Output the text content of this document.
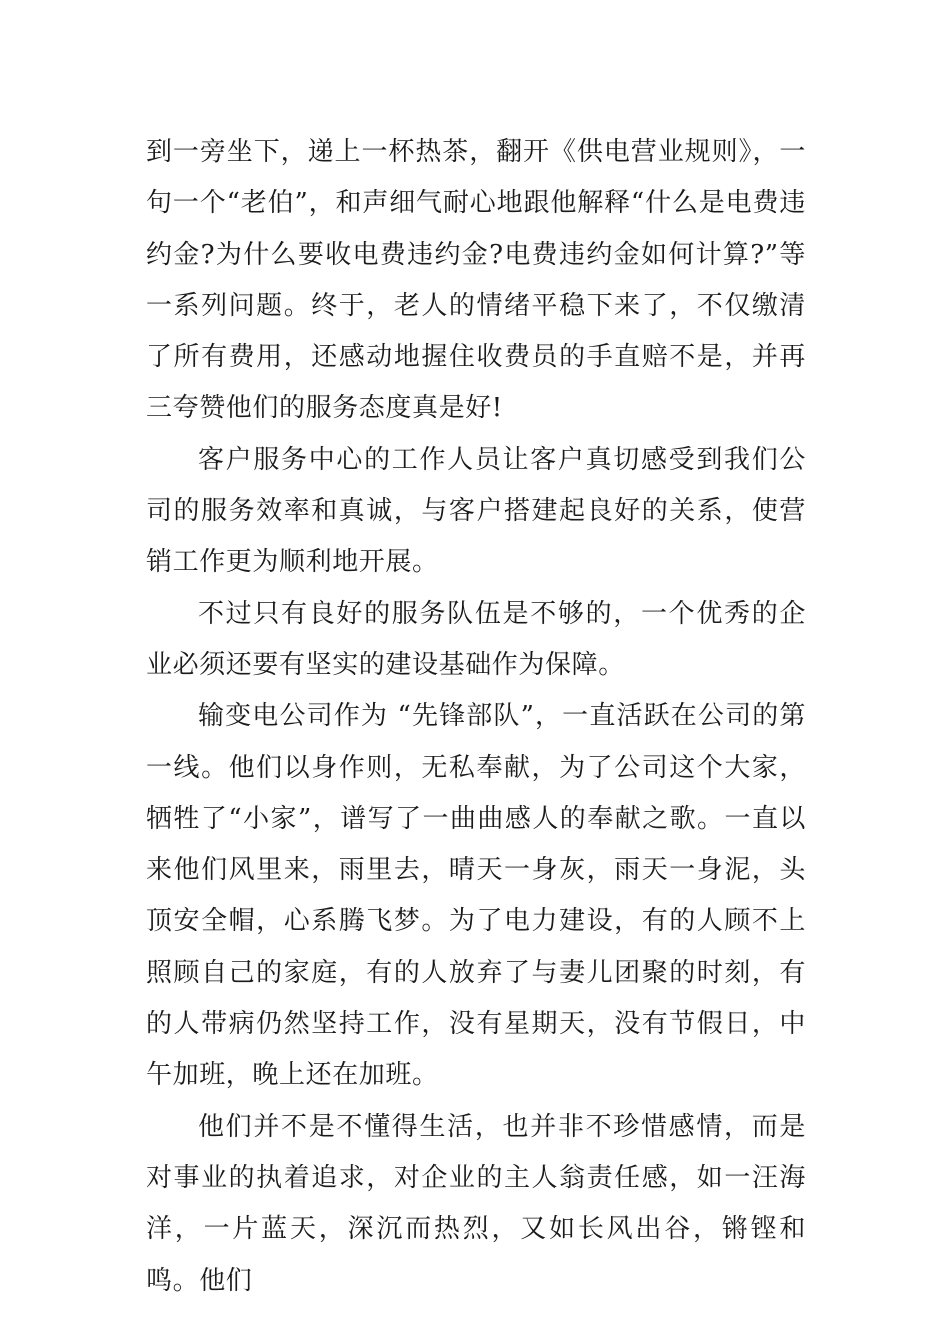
到一旁坐下，递上一杯热茶，翻开《供电营业规则》，一句一个“老伯”，和声细气耐心地跟他解释“什么是电费违约金?为什么要收电费违约金?电费违约金如何计算?”等一系列问题。终于，老人的情绪平稳下来了，不仅缴清了所有费用，还感动地握住收费员的手直赔不是，并再三夸赞他们的服务态度真是好!

客户服务中心的工作人员让客户真切感受到我们公司的服务效率和真诚，与客户搭建起良好的关系，使营销工作更为顺利地开展。

不过只有良好的服务队伍是不够的，一个优秀的企业必须还要有坚实的建设基础作为保障。

输变电公司作为 “先锋部队”，一直活跃在公司的第一线。他们以身作则，无私奉献，为了公司这个大家，牺牲了“小家”，谱写了一曲曲感人的奉献之歌。一直以来他们风里来，雨里去，晴天一身灰，雨天一身泥，头顶安全帽，心系腾飞梦。为了电力建设，有的人顾不上照顾自己的家庭，有的人放弃了与妻儿团聚的时刻，有的人带病仍然坚持工作，没有星期天，没有节假日，中午加班，晚上还在加班。

他们并不是不懂得生活，也并非不珍惜感情，而是对事业的执着追求，对企业的主人翁责任感，如一汪海洋，一片蓝天，深沉而热烈，又如长风出谷，锵铿和鸣。他们
